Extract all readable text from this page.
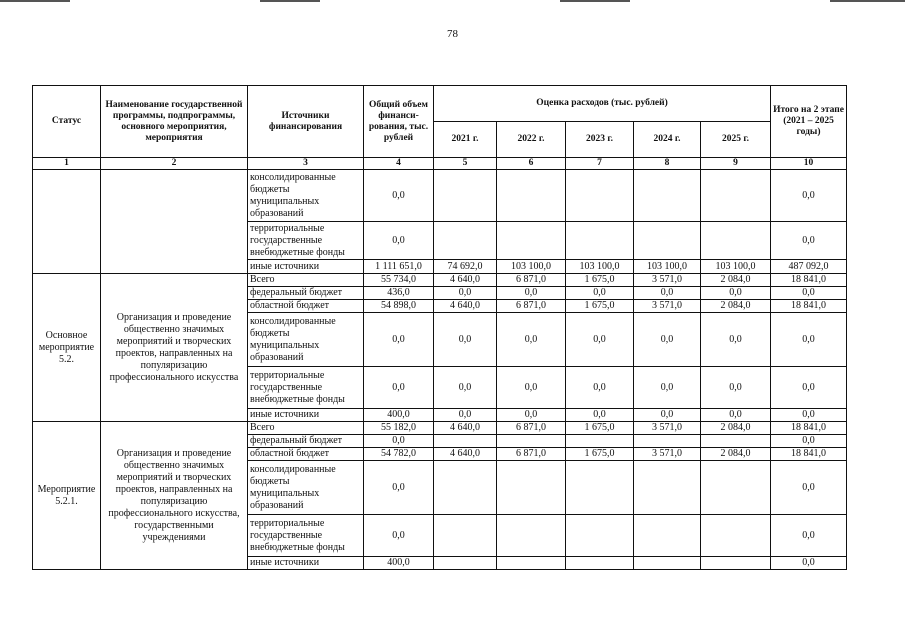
78
Статус	Наименование государственной программы, подпрограммы, основного мероприятия, мероприятия	Источники финансирования	Общий объем финанси-рования, тыс. рублей	Оценка расходов (тыс. рублей)					Итого на 2 этапе (2021 – 2025 годы)
				2021 г.	2022 г.	2023 г.	2024 г.	2025 г.	
1	2	3	4	5	6	7	8	9	10
		консолидированные бюджеты муниципальных образований	0,0						0,0
		территориальные государственные внебюджетные фонды	0,0						0,0
		иные источники	1 111 651,0	74 692,0	103 100,0	103 100,0	103 100,0	103 100,0	487 092,0
Основное мероприятие 5.2.	Организация и проведение общественно значимых мероприятий и творческих проектов, направленных на популяризацию профессионального искусства	Всего	55 734,0	4 640,0	6 871,0	1 675,0	3 571,0	2 084,0	18 841,0
		федеральный бюджет	436,0	0,0	0,0	0,0	0,0	0,0	0,0
		областной бюджет	54 898,0	4 640,0	6 871,0	1 675,0	3 571,0	2 084,0	18 841,0
		консолидированные бюджеты муниципальных образований	0,0	0,0	0,0	0,0	0,0	0,0	0,0
		территориальные государственные внебюджетные фонды	0,0	0,0	0,0	0,0	0,0	0,0	0,0
		иные источники	400,0	0,0	0,0	0,0	0,0	0,0	0,0
Мероприятие 5.2.1.	Организация и проведение общественно значимых мероприятий и творческих проектов, направленных на популяризацию профессионального искусства, государственными учреждениями	Всего	55 182,0	4 640,0	6 871,0	1 675,0	3 571,0	2 084,0	18 841,0
		федеральный бюджет	0,0						0,0
		областной бюджет	54 782,0	4 640,0	6 871,0	1 675,0	3 571,0	2 084,0	18 841,0
		консолидированные бюджеты муниципальных образований	0,0						0,0
		территориальные государственные внебюджетные фонды	0,0						0,0
		иные источники	400,0						0,0
